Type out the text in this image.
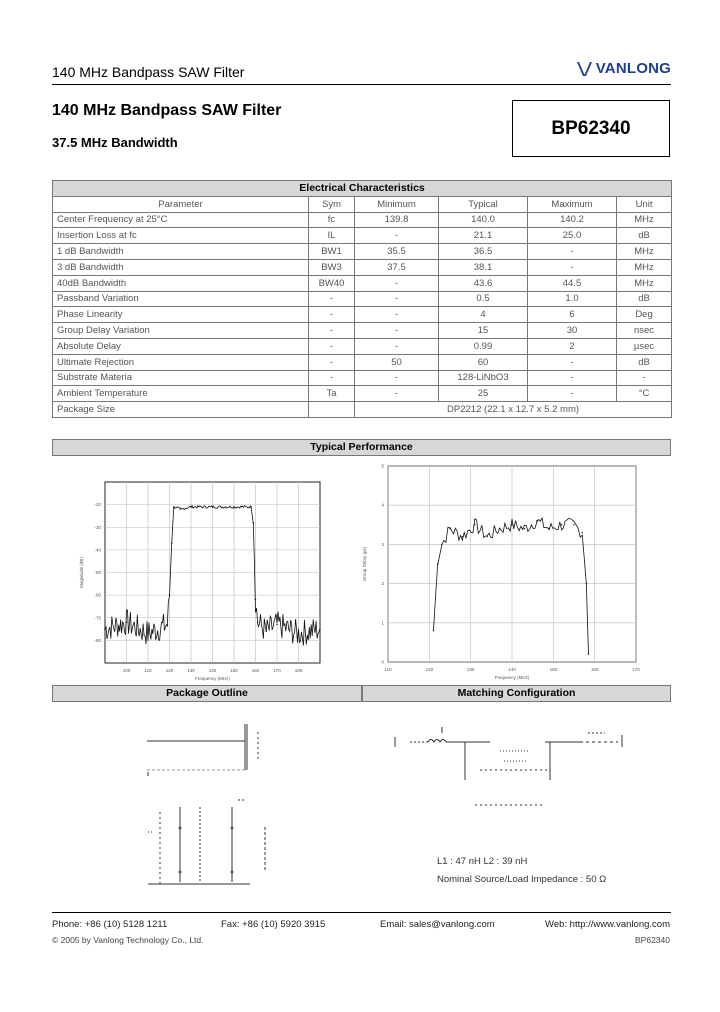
140 MHz Bandpass SAW Filter	VANLONG
140 MHz Bandpass SAW Filter
37.5 MHz Bandwidth
BP62340
Electrical Characteristics					
Parameter	Sym	Minimum	Typical	Maximum	Unit
Center Frequency at 25°C	fc	139.8	140.0	140.2	MHz
Insertion Loss at fc	IL	-	21.1	25.0	dB
1 dB Bandwidth	BW1	35.5	36.5	-	MHz
3 dB Bandwidth	BW3	37.5	38.1	-	MHz
40dB Bandwidth	BW40	-	43.6	44.5	MHz
Passband Variation	-	-	0.5	1.0	dB
Phase Linearity	-	-	4	6	Deg
Group Delay Variation	-	-	15	30	nsec
Absolute Delay	-	-	0.99	2	µsec
Ultimate Rejection	-	50	60	-	dB
Substrate Materia	-	-	128-LiNbO3	-	-
Ambient Temperature	Ta	-	25	-	°C
Package Size		DP2212 (22.1 x 12.7 x 5.2 mm)			
Typical Performance
100	110	120	130	140	150	160	170	180
-80
-70
-60
-50
-40
-30
-20
Frequency (MHz)
Magnitude (dB)
110	120	130	140	150	160	170
0
1
2
3
4
5
Frequency (MHz)
Group Delay (µs)
Package Outline	Matching Configuration
L1 : 47 nH L2 : 39 nH
Nominal Source/Load Impedance : 50 Ω
Phone: +86 (10) 5128 1211	Fax: +86 (10) 5920 3915	Email: sales@vanlong.com	Web: http://www.vanlong.com
© 2005 by Vanlong Technology Co., Ltd.	BP62340
